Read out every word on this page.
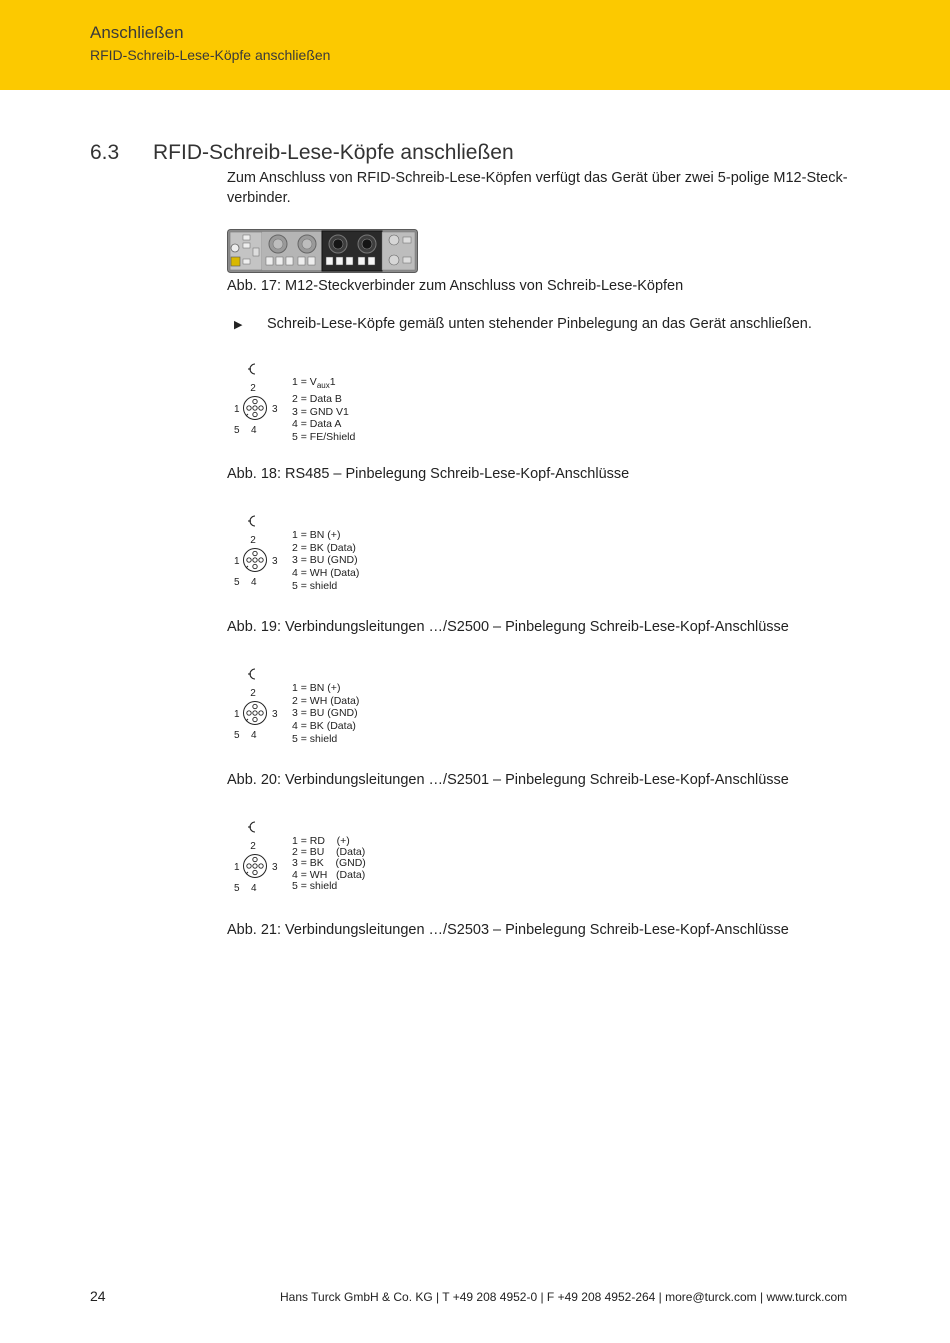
Anschließen
RFID-Schreib-Lese-Köpfe anschließen
6.3 RFID-Schreib-Lese-Köpfe anschließen
Zum Anschluss von RFID-Schreib-Lese-Köpfen verfügt das Gerät über zwei 5-polige M12-Steck-verbinder.
Abb. 17: M12-Steckverbinder zum Anschluss von Schreib-Lese-Köpfen
▶ Schreib-Lese-Köpfe gemäß unten stehender Pinbelegung an das Gerät anschließen.
2
1	3
5 4
$1 = V_{aux}1$
2 = Data B
3 = GND V1
4 = Data A
5 = FE/Shield
Abb. 18: RS485 – Pinbelegung Schreib-Lese-Kopf-Anschlüsse
2
1	3
5 4
1 = BN (+)
2 = BK (Data)
3 = BU (GND)
4 = WH (Data)
5 = shield
Abb. 19: Verbindungsleitungen …/S2500 – Pinbelegung Schreib-Lese-Kopf-Anschlüsse
2
1	3
5 4
1 = BN (+)
2 = WH (Data)
3 = BU (GND)
4 = BK (Data)
5 = shield
Abb. 20: Verbindungsleitungen …/S2501 – Pinbelegung Schreib-Lese-Kopf-Anschlüsse
2
1	3
5 4
1 = RD    (+)
2 = BU    (Data)
3 = BK    (GND)
4 = WH   (Data)
5 = shield
Abb. 21: Verbindungsleitungen …/S2503 – Pinbelegung Schreib-Lese-Kopf-Anschlüsse
24	Hans Turck GmbH & Co. KG | T +49 208 4952-0 | F +49 208 4952-264 | more@turck.com | www.turck.com
